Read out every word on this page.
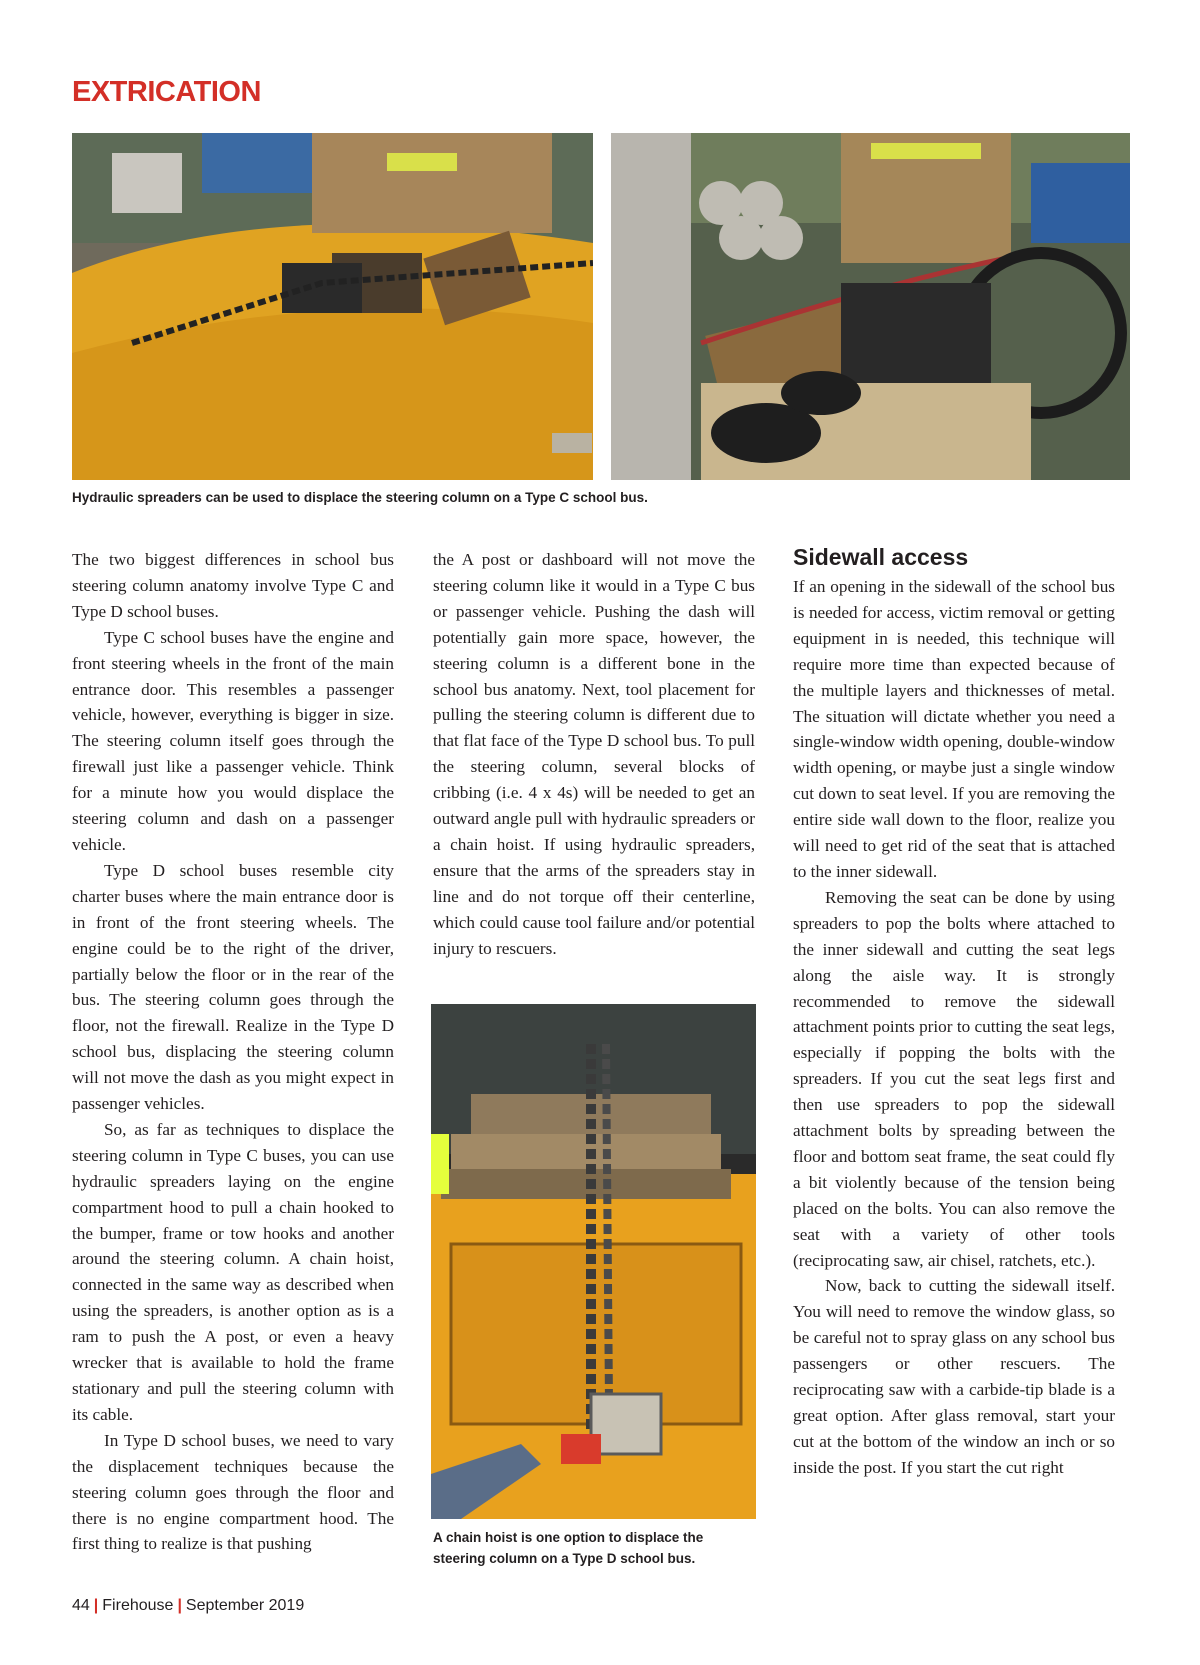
EXTRICATION

Hydraulic spreaders can be used to displace the steering column on a Type C school bus.

The two biggest differences in school bus steering column anatomy involve Type C and Type D school buses.

Type C school buses have the engine and front steering wheels in the front of the main entrance door. This resembles a passenger vehicle, however, everything is bigger in size. The steering column itself goes through the firewall just like a passenger vehicle. Think for a minute how you would displace the steering column and dash on a passenger vehicle.

Type D school buses resemble city charter buses where the main entrance door is in front of the front steering wheels. The engine could be to the right of the driver, partially below the floor or in the rear of the bus. The steering column goes through the floor, not the firewall. Realize in the Type D school bus, displacing the steering column will not move the dash as you might expect in passenger vehicles.

So, as far as techniques to displace the steering column in Type C buses, you can use hydraulic spreaders laying on the engine compartment hood to pull a chain hooked to the bumper, frame or tow hooks and another around the steering column. A chain hoist, connected in the same way as described when using the spreaders, is another option as is a ram to push the A post, or even a heavy wrecker that is available to hold the frame stationary and pull the steering column with its cable.

In Type D school buses, we need to vary the displacement techniques because the steering column goes through the floor and there is no engine compartment hood. The first thing to realize is that pushing

the A post or dashboard will not move the steering column like it would in a Type C bus or passenger vehicle. Pushing the dash will potentially gain more space, however, the steering column is a different bone in the school bus anatomy. Next, tool placement for pulling the steering column is different due to that flat face of the Type D school bus. To pull the steering column, several blocks of cribbing (i.e. 4 x 4s) will be needed to get an outward angle pull with hydraulic spreaders or a chain hoist. If using hydraulic spreaders, ensure that the arms of the spreaders stay in line and do not torque off their centerline, which could cause tool failure and/or potential injury to rescuers.

A chain hoist is one option to displace the steering column on a Type D school bus.

Sidewall access

If an opening in the sidewall of the school bus is needed for access, victim removal or getting equipment in is needed, this technique will require more time than expected because of the multiple layers and thicknesses of metal. The situation will dictate whether you need a single-window width opening, double-window width opening, or maybe just a single window cut down to seat level. If you are removing the entire side wall down to the floor, realize you will need to get rid of the seat that is attached to the inner sidewall.

Removing the seat can be done by using spreaders to pop the bolts where attached to the inner sidewall and cutting the seat legs along the aisle way. It is strongly recommended to remove the sidewall attachment points prior to cutting the seat legs, especially if popping the bolts with the spreaders. If you cut the seat legs first and then use spreaders to pop the sidewall attachment bolts by spreading between the floor and bottom seat frame, the seat could fly a bit violently because of the tension being placed on the bolts. You can also remove the seat with a variety of other tools (reciprocating saw, air chisel, ratchets, etc.).

Now, back to cutting the sidewall itself. You will need to remove the window glass, so be careful not to spray glass on any school bus passengers or other rescuers. The reciprocating saw with a carbide-tip blade is a great option. After glass removal, start your cut at the bottom of the window an inch or so inside the post. If you start the cut right

44 | Firehouse | September 2019
